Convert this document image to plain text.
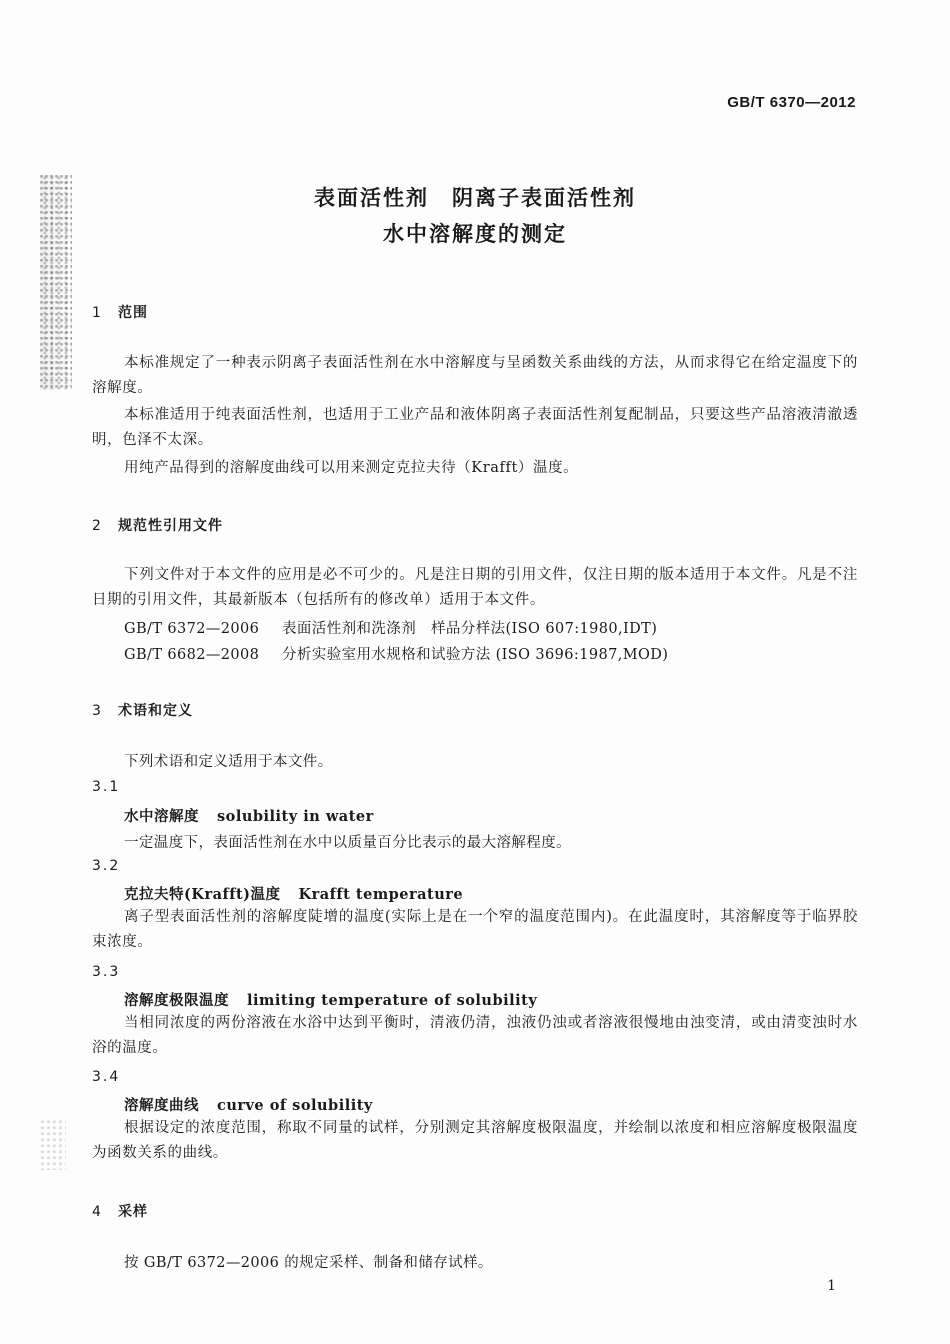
GB/T 6370—2012
表面活性剂　阴离子表面活性剂
水中溶解度的测定
1 范围
本标准规定了一种表示阴离子表面活性剂在水中溶解度与呈函数关系曲线的方法，从而求得它在给定温度下的溶解度。
本标准适用于纯表面活性剂，也适用于工业产品和液体阴离子表面活性剂复配制品，只要这些产品溶液清澈透明，色泽不太深。
用纯产品得到的溶解度曲线可以用来测定克拉夫待（Krafft）温度。
2 规范性引用文件
下列文件对于本文件的应用是必不可少的。凡是注日期的引用文件，仅注日期的版本适用于本文件。凡是不注日期的引用文件，其最新版本（包括所有的修改单）适用于本文件。
GB/T 6372—2006 表面活性剂和洗涤剂　样品分样法(ISO 607:1980,IDT)
GB/T 6682—2008 分析实验室用水规格和试验方法 (ISO 3696:1987,MOD)
3 术语和定义
下列术语和定义适用于本文件。
3.1
水中溶解度 solubility in water
一定温度下，表面活性剂在水中以质量百分比表示的最大溶解程度。
3.2
克拉夫特(Krafft)温度 Krafft temperature
离子型表面活性剂的溶解度陡增的温度(实际上是在一个窄的温度范围内)。在此温度时，其溶解度等于临界胶束浓度。
3.3
溶解度极限温度 limiting temperature of solubility
当相同浓度的两份溶液在水浴中达到平衡时，清液仍清，浊液仍浊或者溶液很慢地由浊变清，或由清变浊时水浴的温度。
3.4
溶解度曲线 curve of solubility
根据设定的浓度范围，称取不同量的试样，分别测定其溶解度极限温度，并绘制以浓度和相应溶解度极限温度为函数关系的曲线。
4 采样
按 GB/T 6372—2006 的规定采样、制备和储存试样。
1
